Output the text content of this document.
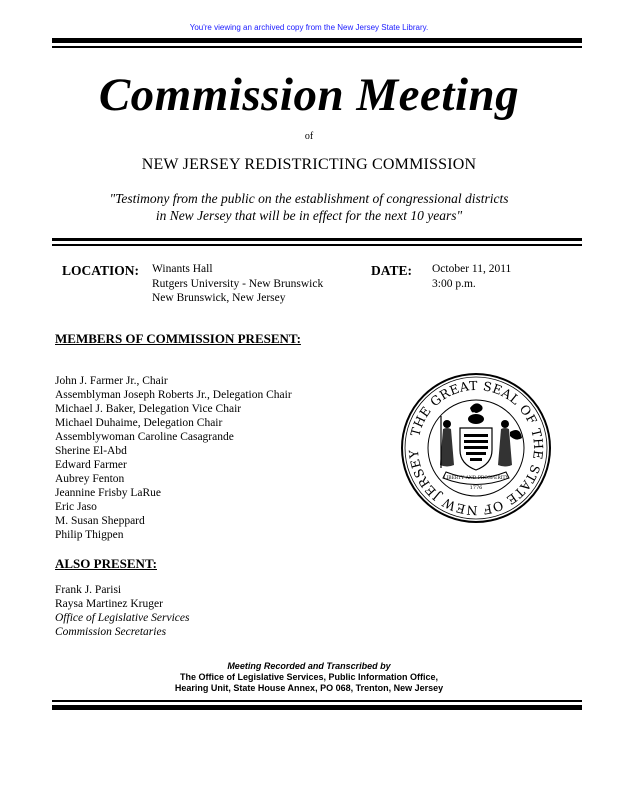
You're viewing an archived copy from the New Jersey State Library.
Commission Meeting
of
NEW JERSEY REDISTRICTING COMMISSION
"Testimony from the public on the establishment of congressional districts
in New Jersey that will be in effect for the next 10 years"
LOCATION: Winants Hall
Rutgers University - New Brunswick
New Brunswick, New Jersey
DATE: October 11, 2011
3:00 p.m.
MEMBERS OF COMMISSION PRESENT:
John J. Farmer Jr., Chair
Assemblyman Joseph Roberts Jr., Delegation Chair
Michael J. Baker, Delegation Vice Chair
Michael Duhaime, Delegation Chair
Assemblywoman Caroline Casagrande
Sherine El-Abd
Edward Farmer
Aubrey Fenton
Jeannine Frisby LaRue
Eric Jaso
M. Susan Sheppard
Philip Thigpen
THE GREAT SEAL OF THE STATE OF NEW JERSEY
LIBERTY AND PROSPERITY
1776
ALSO PRESENT:
Frank J. Parisi
Raysa Martinez Kruger
Office of Legislative Services
Commission Secretaries
Meeting Recorded and Transcribed by
The Office of Legislative Services, Public Information Office,
Hearing Unit, State House Annex, PO 068, Trenton, New Jersey
